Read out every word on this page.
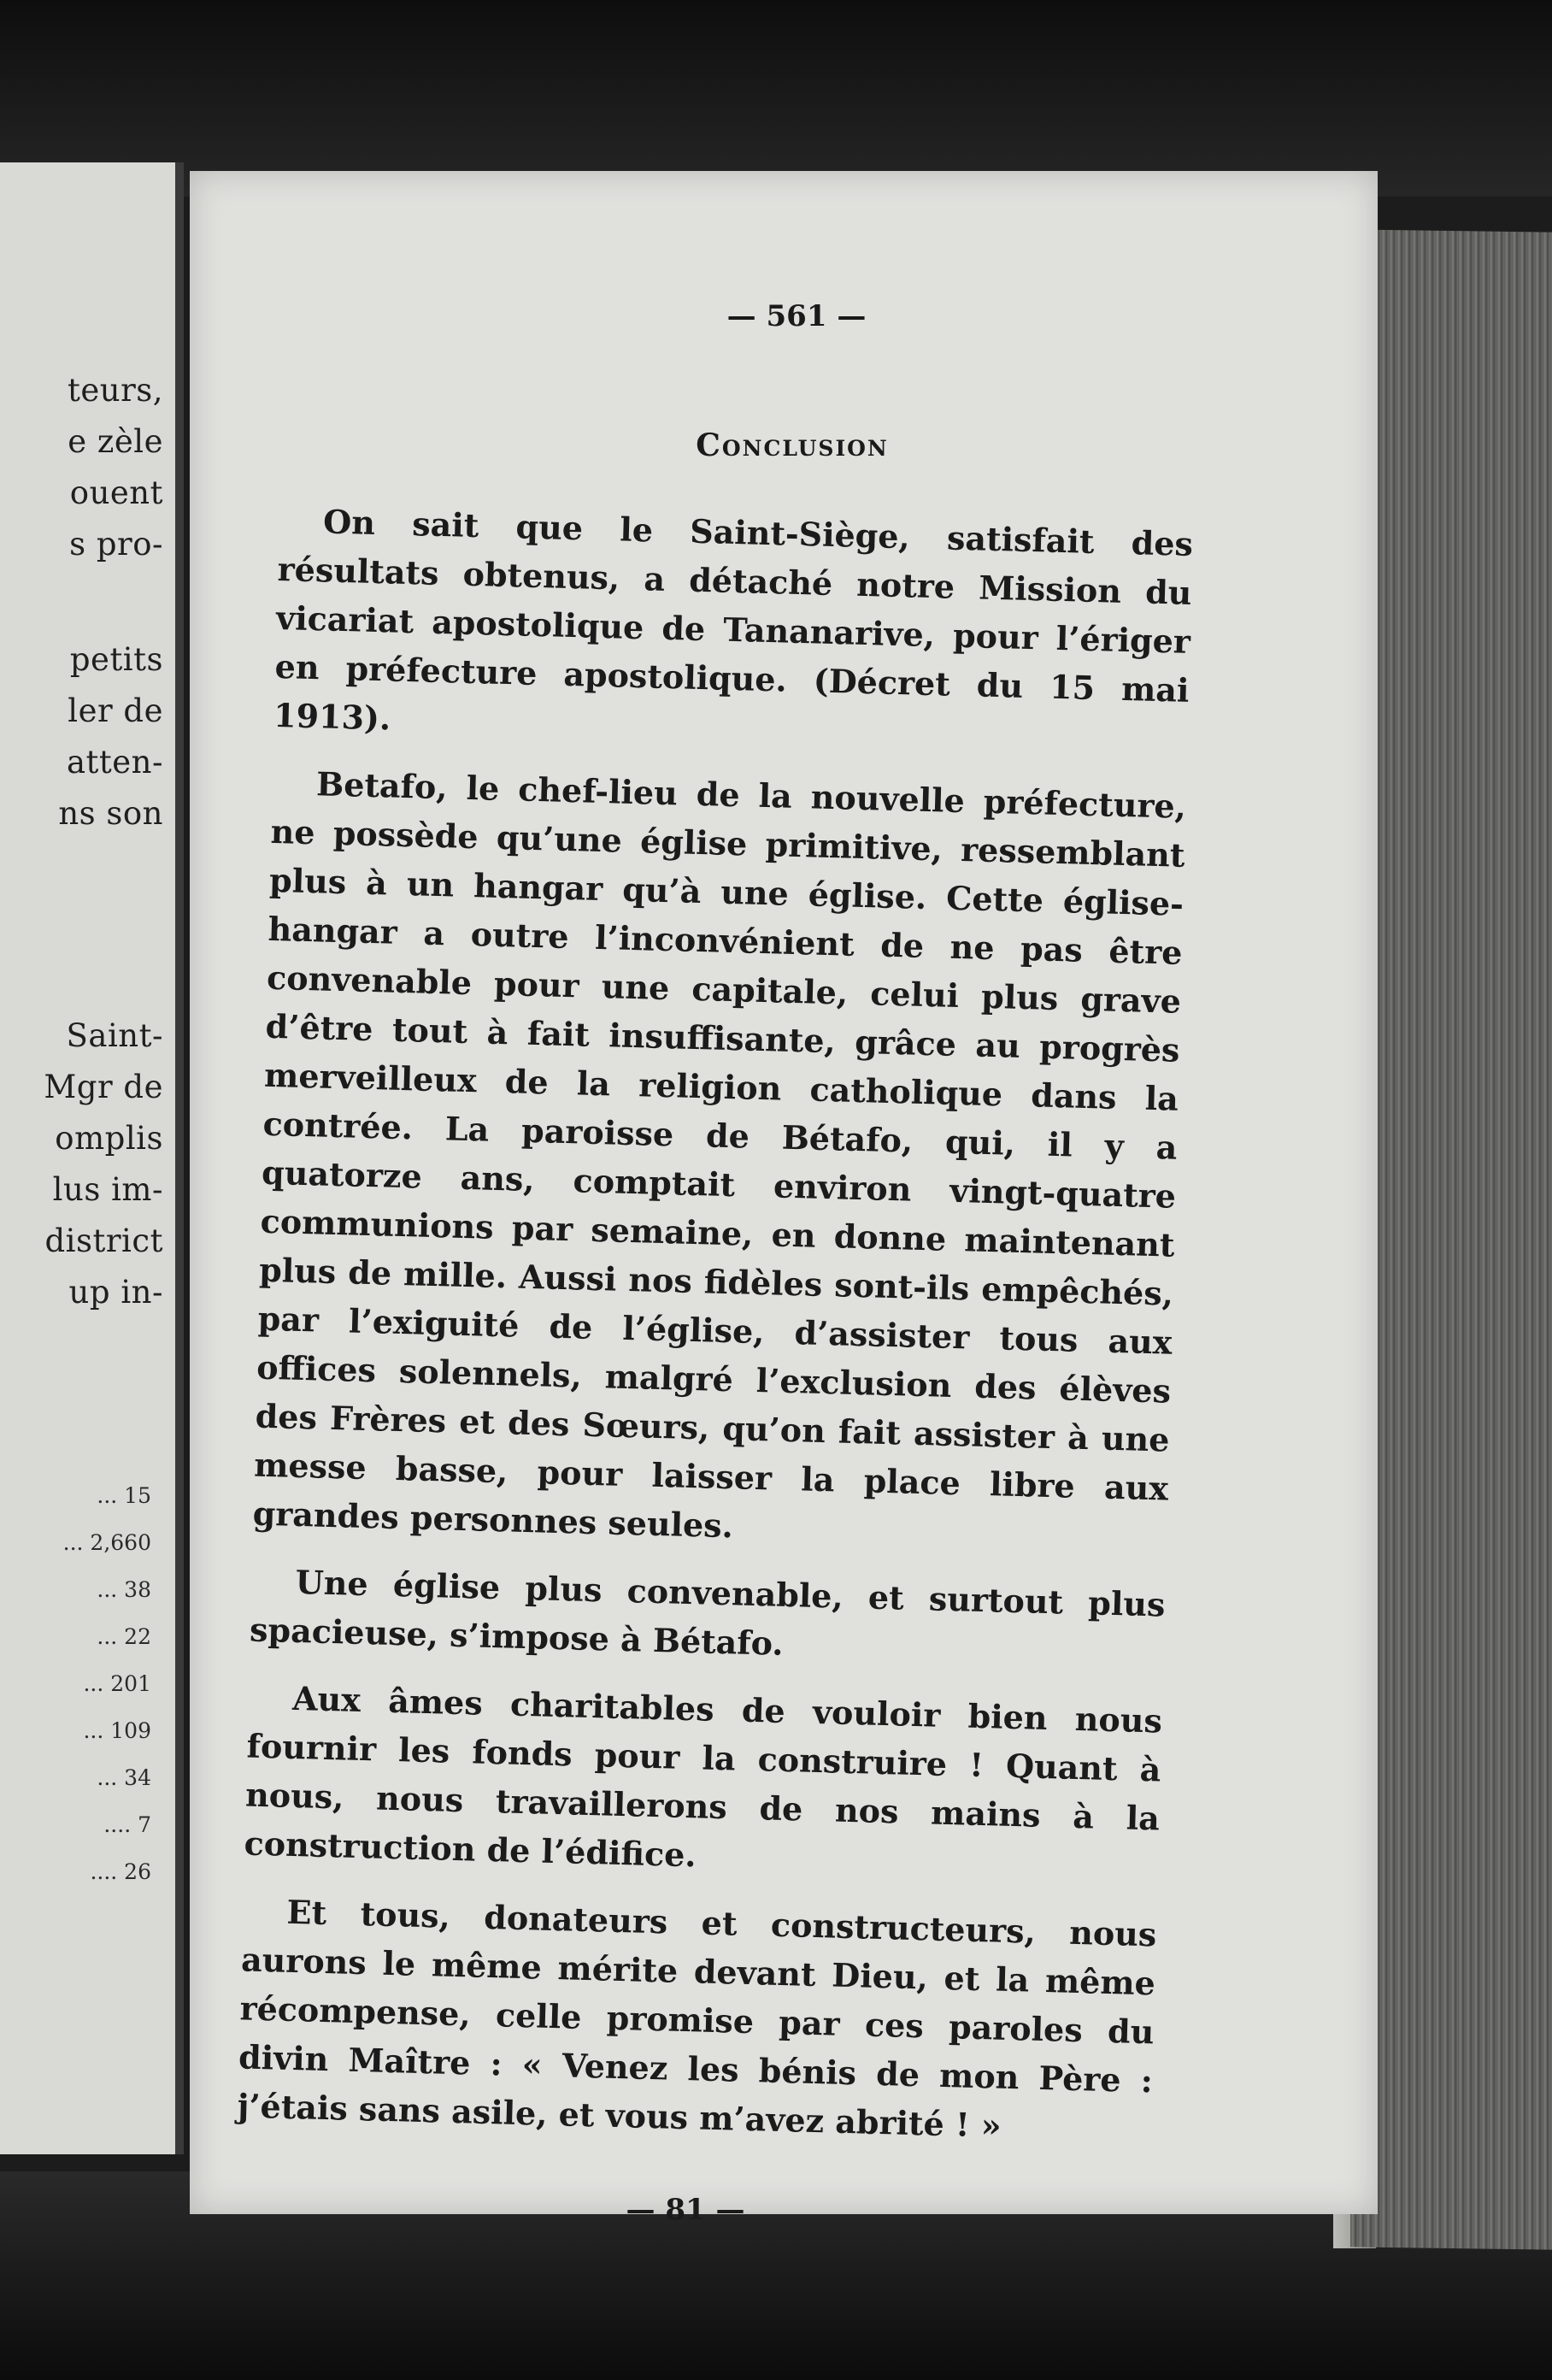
teurs,
e zèle
ouent
s pro-
petits
ler de
atten-
ns son
Saint-
Mgr de
omplis
lus im-
district
up in-
... 15
... 2,660
... 38
... 22
... 201
... 109
... 34
.... 7
.... 26
— 561 —
Conclusion

On sait que le Saint-Siège, satisfait des résultats obtenus, a détaché notre Mission du vicariat apostolique de Tananarive, pour l’ériger en préfecture apostolique. (Décret du 15 mai 1913).

Betafo, le chef-lieu de la nouvelle préfecture, ne possède qu’une église primitive, ressemblant plus à un hangar qu’à une église. Cette église-hangar a outre l’inconvénient de ne pas être convenable pour une capitale, celui plus grave d’être tout à fait insuffisante, grâce au progrès merveilleux de la religion catholique dans la contrée. La paroisse de Bétafo, qui, il y a quatorze ans, comptait environ vingt-quatre communions par semaine, en donne maintenant plus de mille. Aussi nos fidèles sont-ils empêchés, par l’exiguité de l’église, d’assister tous aux offices solennels, malgré l’exclusion des élèves des Frères et des Sœurs, qu’on fait assister à une messe basse, pour laisser la place libre aux grandes personnes seules.

Une église plus convenable, et surtout plus spacieuse, s’impose à Bétafo.

Aux âmes charitables de vouloir bien nous fournir les fonds pour la construire ! Quant à nous, nous travaillerons de nos mains à la construction de l’édifice.

Et tous, donateurs et constructeurs, nous aurons le même mérite devant Dieu, et la même récompense, celle promise par ces paroles du divin Maître : « Venez les bénis de mon Père : j’étais sans asile, et vous m’avez abrité ! »

— 81 —
